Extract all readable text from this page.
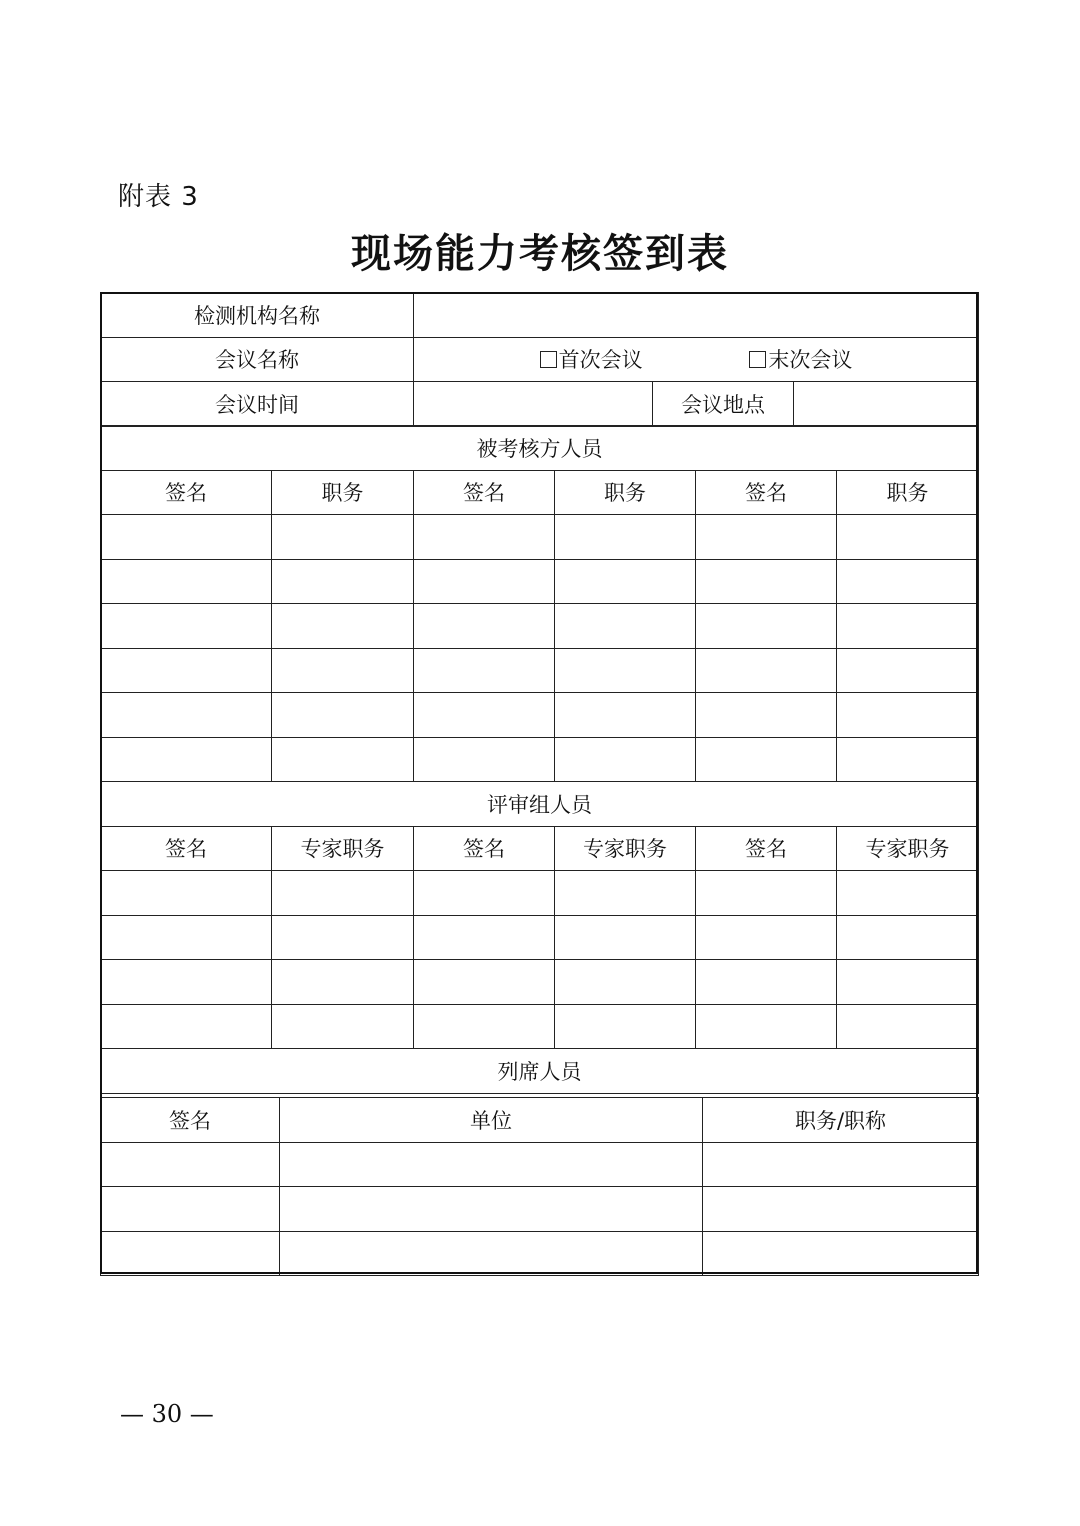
附表 3
现场能力考核签到表
检测机构名称			
会议名称	首次会议 末次会议		
会议时间		会议地点	
被考核方人员					
签名	职务	签名	职务	签名	职务

评审组人员					
签名	专家职务	签名	专家职务	签名	专家职务

列席人员					
签名	单位	职务/职称

— 30 —
